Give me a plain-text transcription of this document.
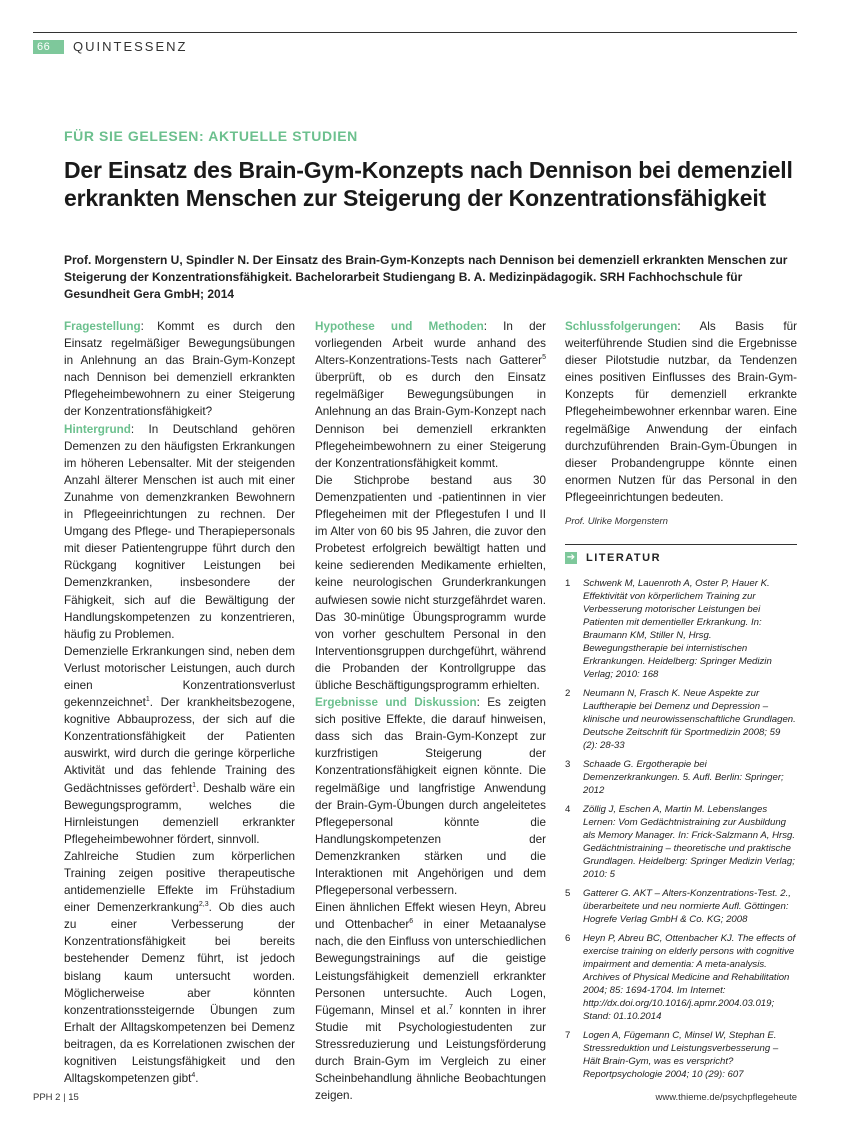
66	QUINTESSENZ
FÜR SIE GELESEN: AKTUELLE STUDIEN
Der Einsatz des Brain-Gym-Konzepts nach Dennison bei demenziell erkrankten Menschen zur Steigerung der Konzentrationsfähigkeit
Prof. Morgenstern U, Spindler N. Der Einsatz des Brain-Gym-Konzepts nach Dennison bei demenziell erkrankten Menschen zur Steigerung der Konzentrationsfähigkeit. Bachelorarbeit Studiengang B. A. Medizinpädagogik. SRH Fachhochschule für Gesundheit Gera GmbH; 2014

Fragestellung: Kommt es durch den Einsatz regelmäßiger Bewegungsübungen in Anlehnung an das Brain-Gym-Konzept nach Dennison bei demenziell erkrankten Pflegeheimbewohnern zu einer Steigerung der Konzentrationsfähigkeit?

Hintergrund: In Deutschland gehören Demenzen zu den häufigsten Erkrankungen im höheren Lebensalter. Mit der steigenden Anzahl älterer Menschen ist auch mit einer Zunahme von demenzkranken Bewohnern in Pflegeeinrichtungen zu rechnen. Der Umgang des Pflege- und Therapiepersonals mit dieser Patientengruppe führt durch den Rückgang kognitiver Leistungen bei Demenzkranken, insbesondere der Fähigkeit, sich auf die Bewältigung der Handlungskompetenzen zu konzentrieren, häufig zu Problemen.

Demenzielle Erkrankungen sind, neben dem Verlust motorischer Leistungen, auch durch einen Konzentrationsverlust gekennzeichnet$^1$. Der krankheitsbezogene, kognitive Abbauprozess, der sich auf die Konzentrationsfähigkeit der Patienten auswirkt, wird durch die geringe körperliche Aktivität und das fehlende Training des Gedächtnisses gefördert$^1$. Deshalb wäre ein Bewegungsprogramm, welches die Hirnleistungen demenziell erkrankter Pflegeheimbewohner fördert, sinnvoll.

Zahlreiche Studien zum körperlichen Training zeigen positive therapeutische antidemenzielle Effekte im Frühstadium einer Demenzerkrankung$^{2,3}$. Ob dies auch zu einer Verbesserung der Konzentrationsfähigkeit bei bereits bestehender Demenz führt, ist jedoch bislang kaum untersucht worden. Möglicherweise aber könnten konzentrationssteigernde Übungen zum Erhalt der Alltagskompetenzen bei Demenz beitragen, da es Korrelationen zwischen der kognitiven Leistungsfähigkeit und den Alltagskompetenzen gibt$^4$.

Hypothese und Methoden: In der vorliegenden Arbeit wurde anhand des Alters-Konzentrations-Tests nach Gatterer$^5$ überprüft, ob es durch den Einsatz regelmäßiger Bewegungsübungen in Anlehnung an das Brain-Gym-Konzept nach Dennison bei demenziell erkrankten Pflegeheimbewohnern zu einer Steigerung der Konzentrationsfähigkeit kommt.

Die Stichprobe bestand aus 30 Demenzpatienten und -patientinnen in vier Pflegeheimen mit der Pflegestufen I und II im Alter von 60 bis 95 Jahren, die zuvor den Probetest erfolgreich bewältigt hatten und keine sedierenden Medikamente erhielten, keine neurologischen Grunderkrankungen aufwiesen sowie nicht sturzgefährdet waren. Das 30-minütige Übungsprogramm wurde von vorher geschultem Personal in den Interventionsgruppen durchgeführt, während die Probanden der Kontrollgruppe das übliche Beschäftigungsprogramm erhielten.

Ergebnisse und Diskussion: Es zeigten sich positive Effekte, die darauf hinweisen, dass sich das Brain-Gym-Konzept zur kurzfristigen Steigerung der Konzentrationsfähigkeit eignen könnte. Die regelmäßige und langfristige Anwendung der Brain-Gym-Übungen durch angeleitetes Pflegepersonal könnte die Handlungskompetenzen der Demenzkranken stärken und die Interaktionen mit Angehörigen und dem Pflegepersonal verbessern.

Einen ähnlichen Effekt wiesen Heyn, Abreu und Ottenbacher$^6$ in einer Metaanalyse nach, die den Einfluss von unterschiedlichen Bewegungstrainings auf die geistige Leistungsfähigkeit demenziell erkrankter Personen untersuchte. Auch Logen, Fügemann, Minsel et al.$^7$ konnten in ihrer Studie mit Psychologiestudenten zur Stressreduzierung und Leistungsförderung durch Brain-Gym im Vergleich zu einer Scheinbehandlung ähnliche Beobachtungen zeigen.

Schlussfolgerungen: Als Basis für weiterführende Studien sind die Ergebnisse dieser Pilotstudie nutzbar, da Tendenzen eines positiven Einflusses des Brain-Gym-Konzepts für demenziell erkrankte Pflegeheimbewohner erkennbar waren. Eine regelmäßige Anwendung der einfach durchzuführenden Brain-Gym-Übungen in dieser Probandengruppe könnte einen enormen Nutzen für das Personal in den Pflegeeinrichtungen bedeuten.

Prof. Ulrike Morgenstern
➔ LITERATUR
1	Schwenk M, Lauenroth A, Oster P, Hauer K. Effektivität von körperlichem Training zur Verbesserung motorischer Leistungen bei Patienten mit dementieller Erkrankung. In: Braumann KM, Stiller N, Hrsg. Bewegungstherapie bei internistischen Erkrankungen. Heidelberg: Springer Medizin Verlag; 2010: 168
2	Neumann N, Frasch K. Neue Aspekte zur Lauftherapie bei Demenz und Depression – klinische und neurowissenschaftliche Grundlagen. Deutsche Zeitschrift für Sportmedizin 2008; 59 (2): 28-33
3	Schaade G. Ergotherapie bei Demenzerkrankungen. 5. Aufl. Berlin: Springer; 2012
4	Zöllig J, Eschen A, Martin M. Lebenslanges Lernen: Vom Gedächtnistraining zur Ausbildung als Memory Manager. In: Frick-Salzmann A, Hrsg. Gedächtnistraining – theoretische und praktische Grundlagen. Heidelberg: Springer Medizin Verlag; 2010: 5
5	Gatterer G. AKT – Alters-Konzentrations-Test. 2., überarbeitete und neu normierte Aufl. Göttingen: Hogrefe Verlag GmbH & Co. KG; 2008
6	Heyn P, Abreu BC, Ottenbacher KJ. The effects of exercise training on elderly persons with cognitive impairment and dementia: A meta-analysis. Archives of Physical Medicine and Rehabilitation 2004; 85: 1694-1704. Im Internet: http://dx.doi.org/10.1016/j.apmr.2004.03.019; Stand: 01.10.2014
7	Logen A, Fügemann C, Minsel W, Stephan E. Stressreduktion und Leistungsverbesserung – Hält Brain-Gym, was es verspricht? Reportpsychologie 2004; 10 (29): 607
PPH 2 | 15	www.thieme.de/psychpflegeheute
